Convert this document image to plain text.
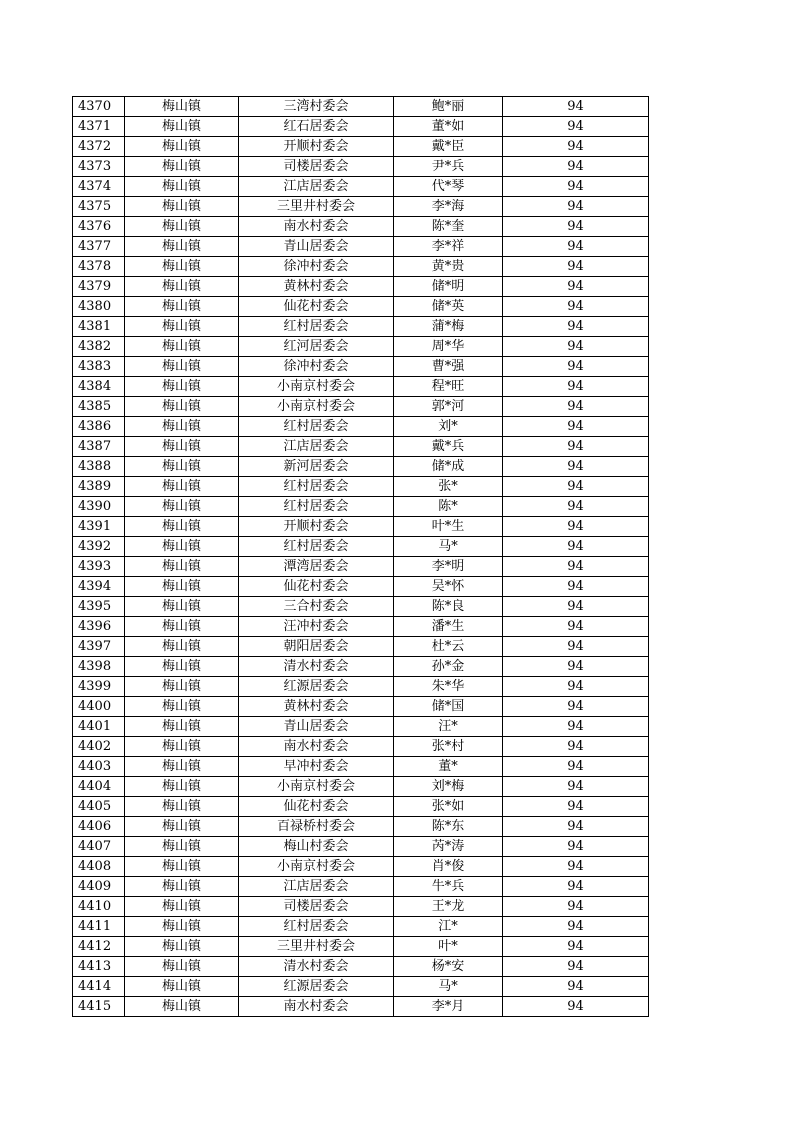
4370	梅山镇	三湾村委会	鲍*丽	94
4371	梅山镇	红石居委会	董*如	94
4372	梅山镇	开顺村委会	戴*臣	94
4373	梅山镇	司楼居委会	尹*兵	94
4374	梅山镇	江店居委会	代*琴	94
4375	梅山镇	三里井村委会	李*海	94
4376	梅山镇	南水村委会	陈*奎	94
4377	梅山镇	青山居委会	李*祥	94
4378	梅山镇	徐冲村委会	黄*贵	94
4379	梅山镇	黄林村委会	储*明	94
4380	梅山镇	仙花村委会	储*英	94
4381	梅山镇	红村居委会	蒲*梅	94
4382	梅山镇	红河居委会	周*华	94
4383	梅山镇	徐冲村委会	曹*强	94
4384	梅山镇	小南京村委会	程*旺	94
4385	梅山镇	小南京村委会	郭*河	94
4386	梅山镇	红村居委会	刘*	94
4387	梅山镇	江店居委会	戴*兵	94
4388	梅山镇	新河居委会	储*成	94
4389	梅山镇	红村居委会	张*	94
4390	梅山镇	红村居委会	陈*	94
4391	梅山镇	开顺村委会	叶*生	94
4392	梅山镇	红村居委会	马*	94
4393	梅山镇	潭湾居委会	李*明	94
4394	梅山镇	仙花村委会	吴*怀	94
4395	梅山镇	三合村委会	陈*良	94
4396	梅山镇	汪冲村委会	潘*生	94
4397	梅山镇	朝阳居委会	杜*云	94
4398	梅山镇	清水村委会	孙*金	94
4399	梅山镇	红源居委会	朱*华	94
4400	梅山镇	黄林村委会	储*国	94
4401	梅山镇	青山居委会	汪*	94
4402	梅山镇	南水村委会	张*村	94
4403	梅山镇	早冲村委会	董*	94
4404	梅山镇	小南京村委会	刘*梅	94
4405	梅山镇	仙花村委会	张*如	94
4406	梅山镇	百禄桥村委会	陈*东	94
4407	梅山镇	梅山村委会	芮*涛	94
4408	梅山镇	小南京村委会	肖*俊	94
4409	梅山镇	江店居委会	牛*兵	94
4410	梅山镇	司楼居委会	王*龙	94
4411	梅山镇	红村居委会	江*	94
4412	梅山镇	三里井村委会	叶*	94
4413	梅山镇	清水村委会	杨*安	94
4414	梅山镇	红源居委会	马*	94
4415	梅山镇	南水村委会	李*月	94
